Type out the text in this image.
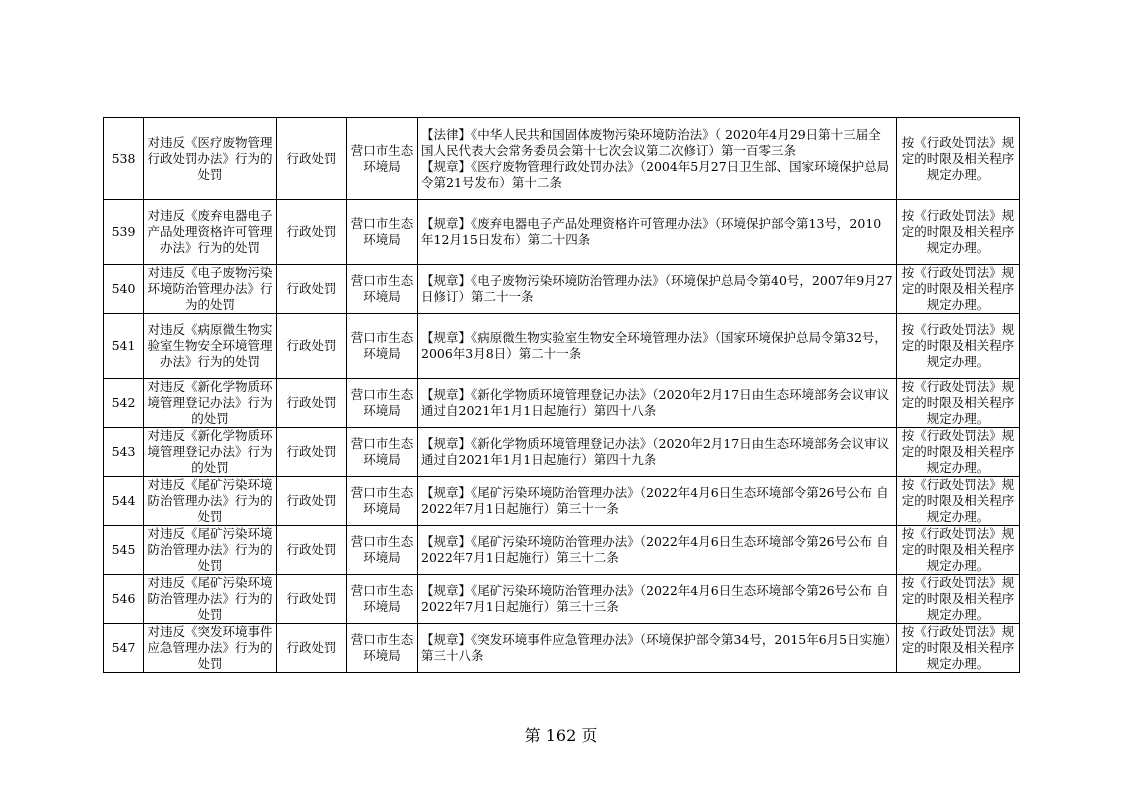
538	对违反《医疗废物管理行政处罚办法》行为的处罚	行政处罚	营口市生态环境局	【法律】《中华人民共和国固体废物污染环境防治法》（ 2020年4月29日第十三届全国人民代表大会常务委员会第十七次会议第二次修订）第一百零三条
【规章】《医疗废物管理行政处罚办法》（2004年5月27日卫生部、国家环境保护总局令第21号发布）第十二条	按《行政处罚法》规定的时限及相关程序规定办理。
539	对违反《废弃电器电子产品处理资格许可管理办法》行为的处罚	行政处罚	营口市生态环境局	【规章】《废弃电器电子产品处理资格许可管理办法》（环境保护部令第13号，2010年12月15日发布）第二十四条	按《行政处罚法》规定的时限及相关程序规定办理。
540	对违反《电子废物污染环境防治管理办法》行为的处罚	行政处罚	营口市生态环境局	【规章】《电子废物污染环境防治管理办法》（环境保护总局令第40号，2007年9月27日修订）第二十一条	按《行政处罚法》规定的时限及相关程序规定办理。
541	对违反《病原微生物实验室生物安全环境管理办法》行为的处罚	行政处罚	营口市生态环境局	【规章】《病原微生物实验室生物安全环境管理办法》（国家环境保护总局令第32号，2006年3月8日）第二十一条	按《行政处罚法》规定的时限及相关程序规定办理。
542	对违反《新化学物质环境管理登记办法》行为的处罚	行政处罚	营口市生态环境局	【规章】《新化学物质环境管理登记办法》（2020年2月17日由生态环境部务会议审议通过自2021年1月1日起施行）第四十八条	按《行政处罚法》规定的时限及相关程序规定办理。
543	对违反《新化学物质环境管理登记办法》行为的处罚	行政处罚	营口市生态环境局	【规章】《新化学物质环境管理登记办法》（2020年2月17日由生态环境部务会议审议通过自2021年1月1日起施行）第四十九条	按《行政处罚法》规定的时限及相关程序规定办理。
544	对违反《尾矿污染环境防治管理办法》行为的处罚	行政处罚	营口市生态环境局	【规章】《尾矿污染环境防治管理办法》（2022年4月6日生态环境部令第26号公布 自2022年7月1日起施行）第三十一条	按《行政处罚法》规定的时限及相关程序规定办理。
545	对违反《尾矿污染环境防治管理办法》行为的处罚	行政处罚	营口市生态环境局	【规章】《尾矿污染环境防治管理办法》（2022年4月6日生态环境部令第26号公布 自2022年7月1日起施行）第三十二条	按《行政处罚法》规定的时限及相关程序规定办理。
546	对违反《尾矿污染环境防治管理办法》行为的处罚	行政处罚	营口市生态环境局	【规章】《尾矿污染环境防治管理办法》（2022年4月6日生态环境部令第26号公布 自2022年7月1日起施行）第三十三条	按《行政处罚法》规定的时限及相关程序规定办理。
547	对违反《突发环境事件应急管理办法》行为的处罚	行政处罚	营口市生态环境局	【规章】《突发环境事件应急管理办法》（环境保护部令第34号，2015年6月5日实施）第三十八条	按《行政处罚法》规定的时限及相关程序规定办理。
第 162 页
